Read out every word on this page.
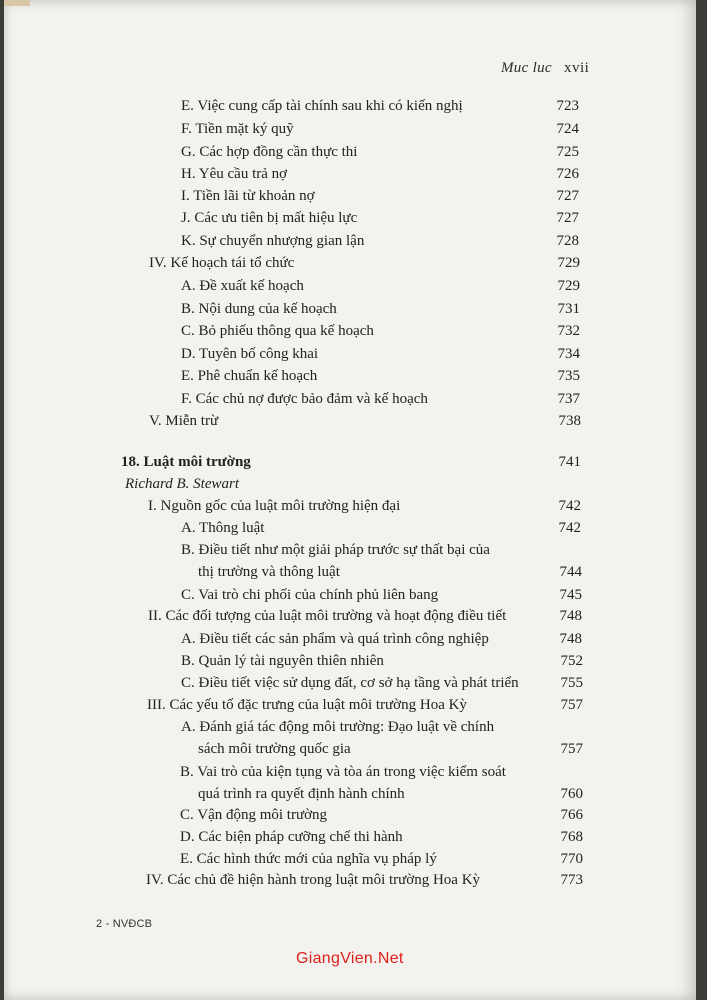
Muc luc xvii
E. Việc cung cấp tài chính sau khi có kiến nghị	723
F. Tiền mặt ký quỹ	724
G. Các hợp đồng cần thực thi	725
H. Yêu cầu trả nợ	726
I. Tiền lãi từ khoản nợ	727
J. Các ưu tiên bị mất hiệu lực	727
K. Sự chuyển nhượng gian lận	728
IV. Kế hoạch tái tổ chức	729
A. Đề xuất kế hoạch	729
B. Nội dung của kế hoạch	731
C. Bỏ phiếu thông qua kế hoạch	732
D. Tuyên bố công khai	734
E. Phê chuẩn kế hoạch	735
F. Các chủ nợ được bảo đảm và kế hoạch	737
V. Miễn trừ	738
18. Luật môi trường	741
Richard B. Stewart
I. Nguồn gốc của luật môi trường hiện đại	742
A. Thông luật	742
B. Điều tiết như một giải pháp trước sự thất bại của
thị trường và thông luật	744
C. Vai trò chi phối của chính phủ liên bang	745
II. Các đối tượng của luật môi trường và hoạt động điều tiết	748
A. Điều tiết các sản phẩm và quá trình công nghiệp	748
B. Quản lý tài nguyên thiên nhiên	752
C. Điều tiết việc sử dụng đất, cơ sở hạ tầng và phát triển	755
III. Các yếu tố đặc trưng của luật môi trường Hoa Kỳ	757
A. Đánh giá tác động môi trường: Đạo luật về chính
sách môi trường quốc gia	757
B. Vai trò của kiện tụng và tòa án trong việc kiểm soát
quá trình ra quyết định hành chính	760
C. Vận động môi trường	766
D. Các biện pháp cưỡng chế thi hành	768
E. Các hình thức mới của nghĩa vụ pháp lý	770
IV. Các chủ đề hiện hành trong luật môi trường Hoa Kỳ	773
2 - NVĐCB
GiangVien.Net
